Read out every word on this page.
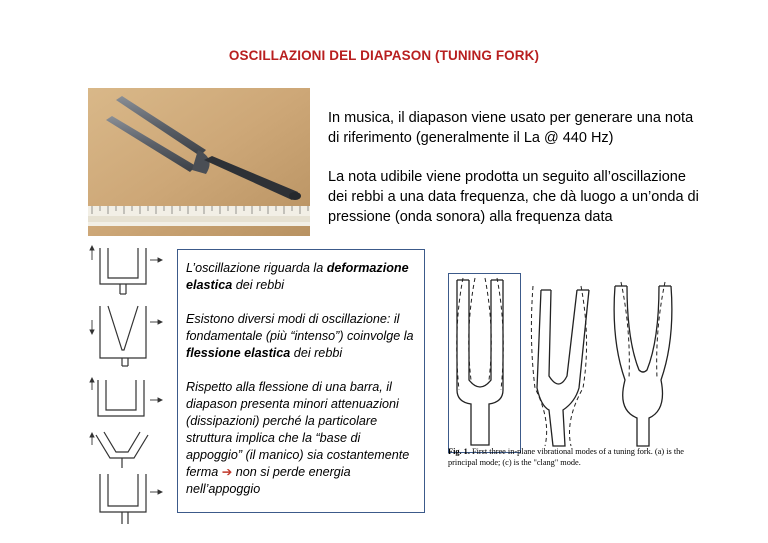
OSCILLAZIONI DEL DIAPASON (TUNING FORK)

In musica, il diapason viene usato per generare una nota di riferimento (generalmente il La @ 440 Hz)

La nota udibile viene prodotta un seguito all’oscillazione dei rebbi a una data frequenza, che dà luogo a un’onda di pressione (onda sonora) alla frequenza data

L’oscillazione riguarda la deformazione elastica dei rebbi

Esistono diversi modi di oscillazione: il fondamentale (più “intenso”) coinvolge la flessione elastica dei rebbi

Rispetto alla flessione di una barra, il diapason presenta minori attenuazioni (dissipazioni) perché la particolare struttura implica che la “base di appoggio” (il manico) sia costantemente ferma ➔ non si perde energia nell’appoggio

Fig. 1. First three in-plane vibrational modes of a tuning fork. (a) is the principal mode; (c) is the "clang" mode.
